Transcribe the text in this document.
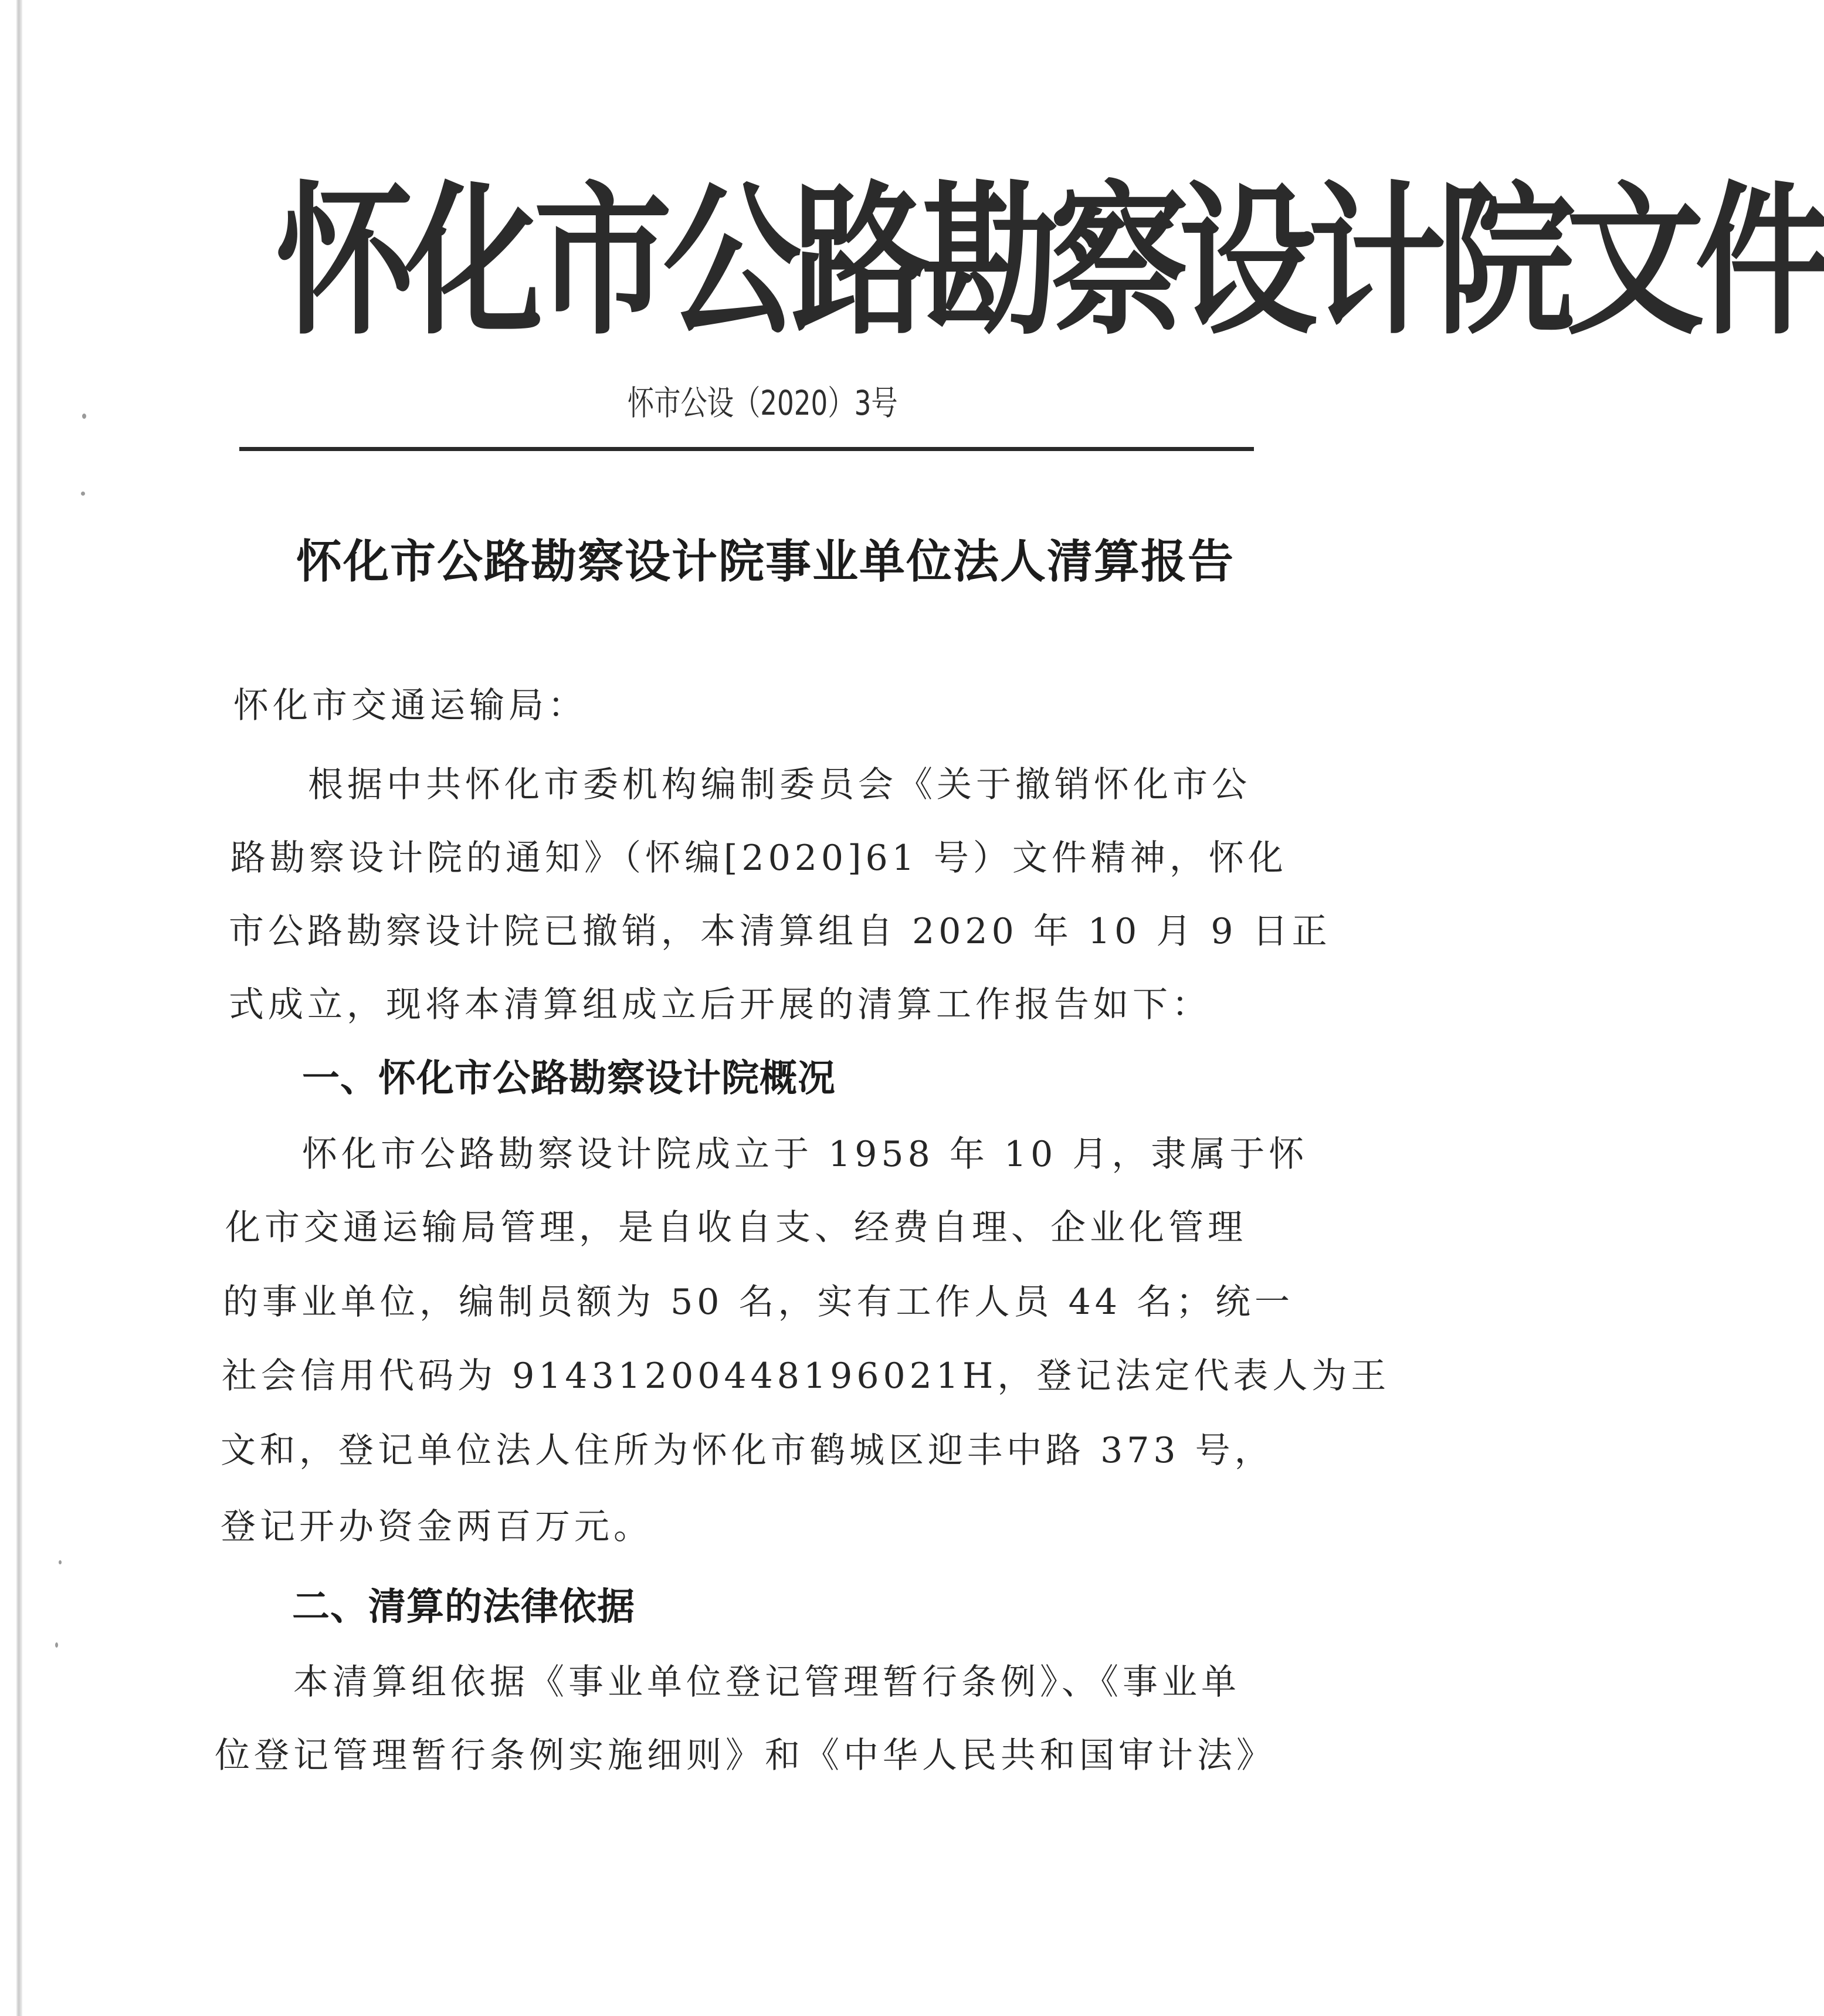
怀化市公路勘察设计院文件
怀市公设（2020）3号
怀化市公路勘察设计院事业单位法人清算报告
怀化市交通运输局：
根据中共怀化市委机构编制委员会《关于撤销怀化市公
路勘察设计院的通知》（怀编[2020]61 号）文件精神，怀化
市公路勘察设计院已撤销，本清算组自 2020 年 10 月 9 日正
式成立，现将本清算组成立后开展的清算工作报告如下：
一、怀化市公路勘察设计院概况
怀化市公路勘察设计院成立于 1958 年 10 月，隶属于怀
化市交通运输局管理，是自收自支、经费自理、企业化管理
的事业单位，编制员额为 50 名，实有工作人员 44 名；统一
社会信用代码为 91431200448196021H，登记法定代表人为王
文和，登记单位法人住所为怀化市鹤城区迎丰中路 373 号，
登记开办资金两百万元。
二、清算的法律依据
本清算组依据《事业单位登记管理暂行条例》、《事业单
位登记管理暂行条例实施细则》和《中华人民共和国审计法》
